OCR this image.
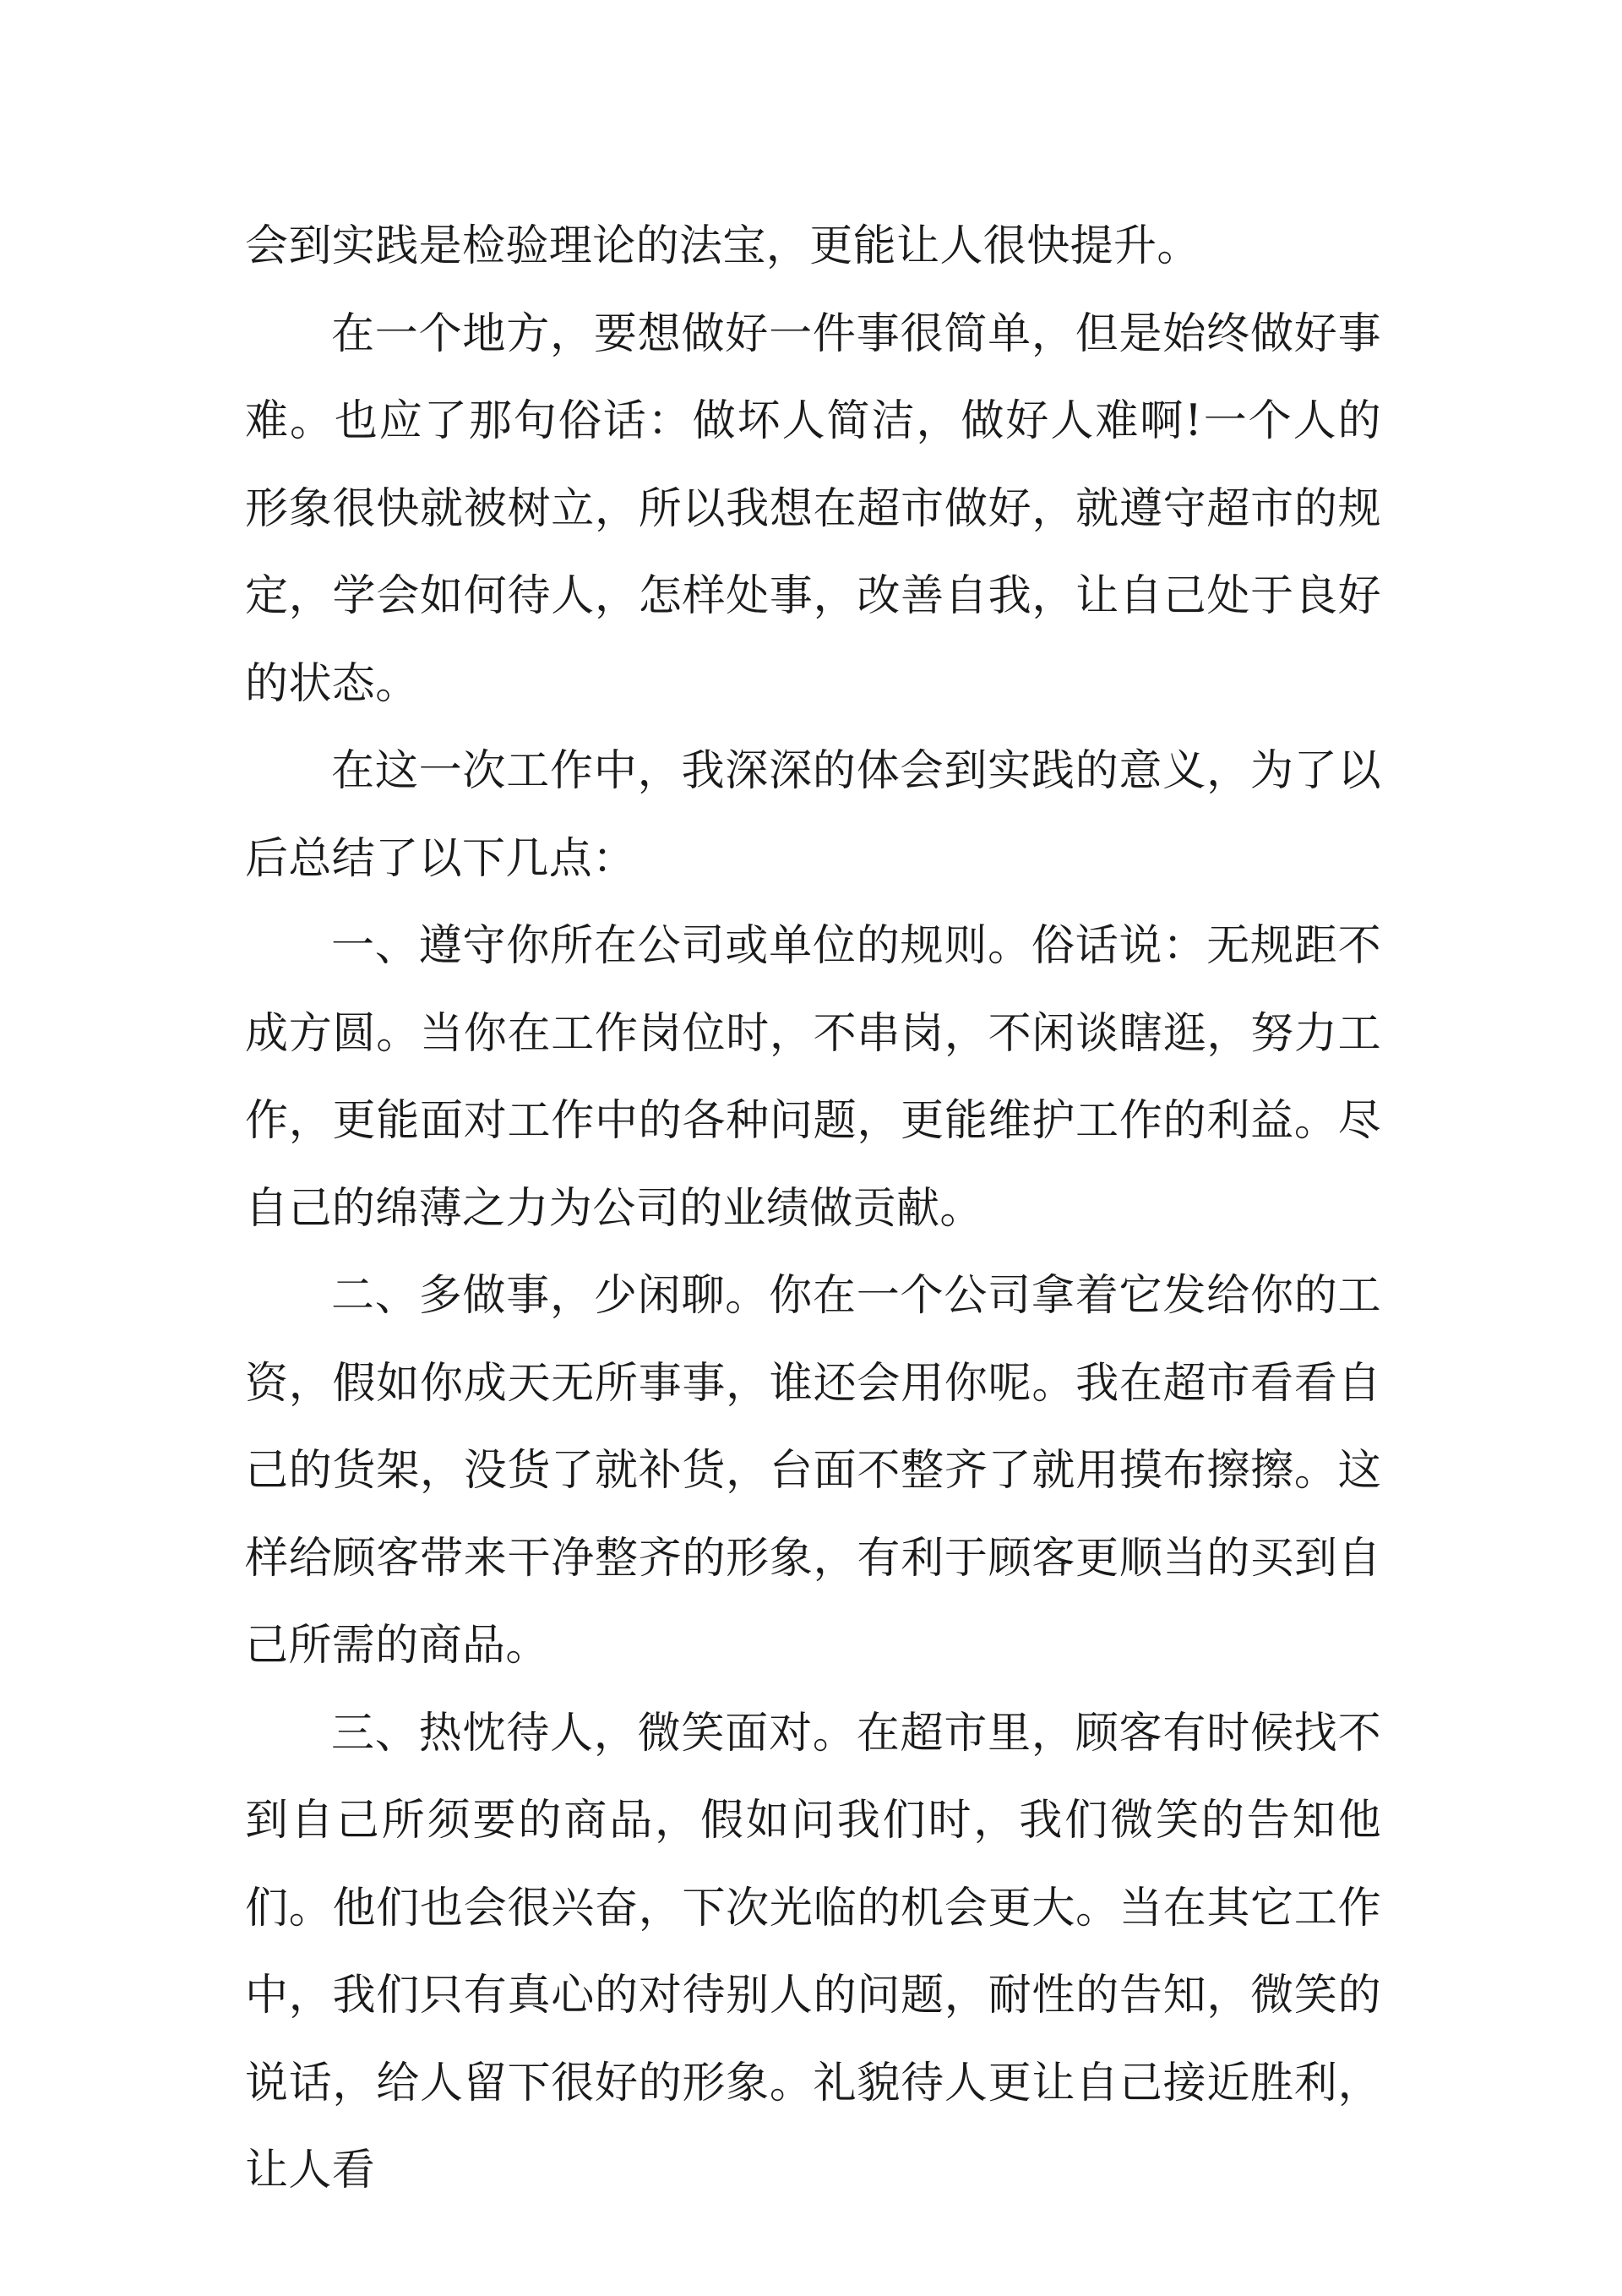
会到实践是检验理论的法宝，更能让人很快提升。

在一个地方，要想做好一件事很简单，但是始终做好事难。也应了那句俗话：做坏人简洁，做好人难啊!一个人的形象很快就被树立，所以我想在超市做好，就遵守超市的规定，学会如何待人，怎样处事，改善自我，让自己处于良好的状态。

在这一次工作中，我深深的体会到实践的意义，为了以后总结了以下几点：

一、遵守你所在公司或单位的规则。俗话说：无规距不成方圆。当你在工作岗位时，不串岗，不闲谈瞎逛，努力工作，更能面对工作中的各种问题，更能维护工作的利益。尽自己的绵薄之力为公司的业绩做贡献。

二、多做事，少闲聊。你在一个公司拿着它发给你的工资，假如你成天无所事事，谁还会用你呢。我在超市看看自己的货架，没货了就补货，台面不整齐了就用摸布擦擦。这样给顾客带来干净整齐的形象，有利于顾客更顺当的买到自己所需的商品。

三、热忱待人，微笑面对。在超市里，顾客有时候找不到自己所须要的商品，假如问我们时，我们微笑的告知他们。他们也会很兴奋，下次光临的机会更大。当在其它工作中，我们只有真心的对待别人的问题，耐性的告知，微笑的说话，给人留下很好的形象。礼貌待人更让自己接近胜利，让人看
